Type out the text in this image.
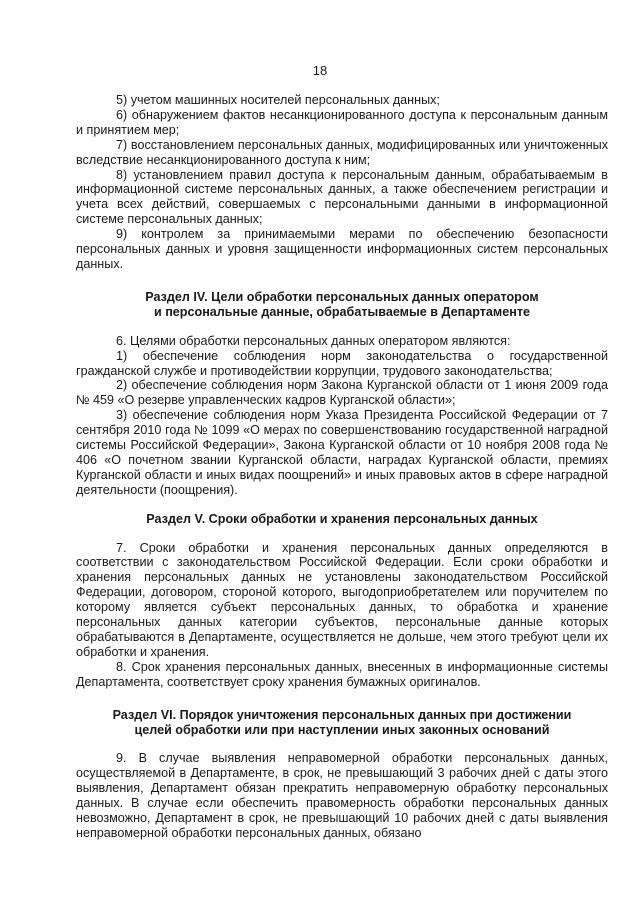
18

5) учетом машинных носителей персональных данных;

6) обнаружением фактов несанкционированного доступа к персональным данным и принятием мер;

7) восстановлением персональных данных, модифицированных или уничтоженных вследствие несанкционированного доступа к ним;

8) установлением правил доступа к персональным данным, обрабатываемым в информационной системе персональных данных, а также обеспечением регистрации и учета всех действий, совершаемых с персональными данными в информационной системе персональных данных;

9) контролем за принимаемыми мерами по обеспечению безопасности персональных данных и уровня защищенности информационных систем персональных данных.

Раздел IV. Цели обработки персональных данных оператором
и персональные данные, обрабатываемые в Департаменте

6. Целями обработки персональных данных оператором являются:

1) обеспечение соблюдения норм законодательства о государственной гражданской службе и противодействии коррупции, трудового законодательства;

2) обеспечение соблюдения норм Закона Курганской области от 1 июня 2009 года № 459 «О резерве управленческих кадров Курганской области»;

3) обеспечение соблюдения норм Указа Президента Российской Федерации от 7 сентября 2010 года № 1099 «О мерах по совершенствованию государственной наградной системы Российской Федерации», Закона Курганской области от 10 ноября 2008 года № 406 «О почетном звании Курганской области, наградах Курганской области, премиях Курганской области и иных видах поощрений» и иных правовых актов в сфере наградной деятельности (поощрения).

Раздел V. Сроки обработки и хранения персональных данных

7. Сроки обработки и хранения персональных данных определяются в соответствии с законодательством Российской Федерации. Если сроки обработки и хранения персональных данных не установлены законодательством Российской Федерации, договором, стороной которого, выгодоприобретателем или поручителем по которому является субъект персональных данных, то обработка и хранение персональных данных категории субъектов, персональные данные которых обрабатываются в Департаменте, осуществляется не дольше, чем этого требуют цели их обработки и хранения.

8. Срок хранения персональных данных, внесенных в информационные системы Департамента, соответствует сроку хранения бумажных оригиналов.

Раздел VI. Порядок уничтожения персональных данных при достижении
целей обработки или при наступлении иных законных оснований

9. В случае выявления неправомерной обработки персональных данных, осуществляемой в Департаменте, в срок, не превышающий 3 рабочих дней с даты этого выявления, Департамент обязан прекратить неправомерную обработку персональных данных. В случае если обеспечить правомерность обработки персональных данных невозможно, Департамент в срок, не превышающий 10 рабочих дней с даты выявления неправомерной обработки персональных данных, обязано
